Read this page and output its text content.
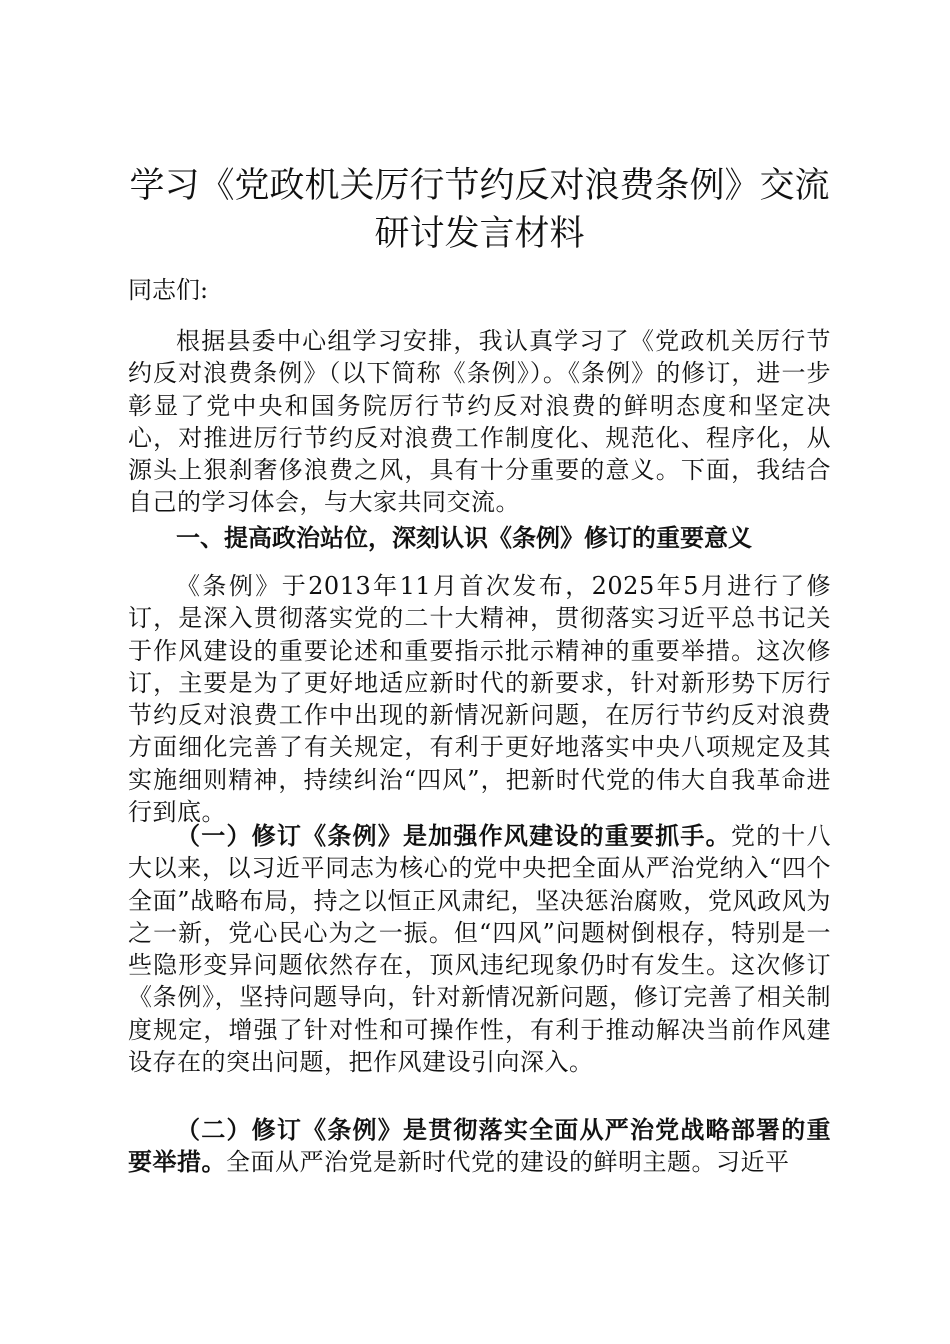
学习《党政机关厉行节约反对浪费条例》交流研讨发言材料

同志们:

根据县委中心组学习安排，我认真学习了《党政机关厉行节约反对浪费条例》（以下简称《条例》）。《条例》的修订，进一步彰显了党中央和国务院厉行节约反对浪费的鲜明态度和坚定决心，对推进厉行节约反对浪费工作制度化、规范化、程序化，从源头上狠刹奢侈浪费之风，具有十分重要的意义。下面，我结合自己的学习体会，与大家共同交流。

一、提高政治站位，深刻认识《条例》修订的重要意义

《条例》于2013年11月首次发布，2025年5月进行了修订，是深入贯彻落实党的二十大精神，贯彻落实习近平总书记关于作风建设的重要论述和重要指示批示精神的重要举措。这次修订，主要是为了更好地适应新时代的新要求，针对新形势下厉行节约反对浪费工作中出现的新情况新问题，在厉行节约反对浪费方面细化完善了有关规定，有利于更好地落实中央八项规定及其实施细则精神，持续纠治“四风”，把新时代党的伟大自我革命进行到底。

（一）修订《条例》是加强作风建设的重要抓手。党的十八大以来，以习近平同志为核心的党中央把全面从严治党纳入“四个全面”战略布局，持之以恒正风肃纪，坚决惩治腐败，党风政风为之一新，党心民心为之一振。但“四风”问题树倒根存，特别是一些隐形变异问题依然存在，顶风违纪现象仍时有发生。这次修订《条例》，坚持问题导向，针对新情况新问题，修订完善了相关制度规定，增强了针对性和可操作性，有利于推动解决当前作风建设存在的突出问题，把作风建设引向深入。

（二）修订《条例》是贯彻落实全面从严治党战略部署的重要举措。全面从严治党是新时代党的建设的鲜明主题。习近平
